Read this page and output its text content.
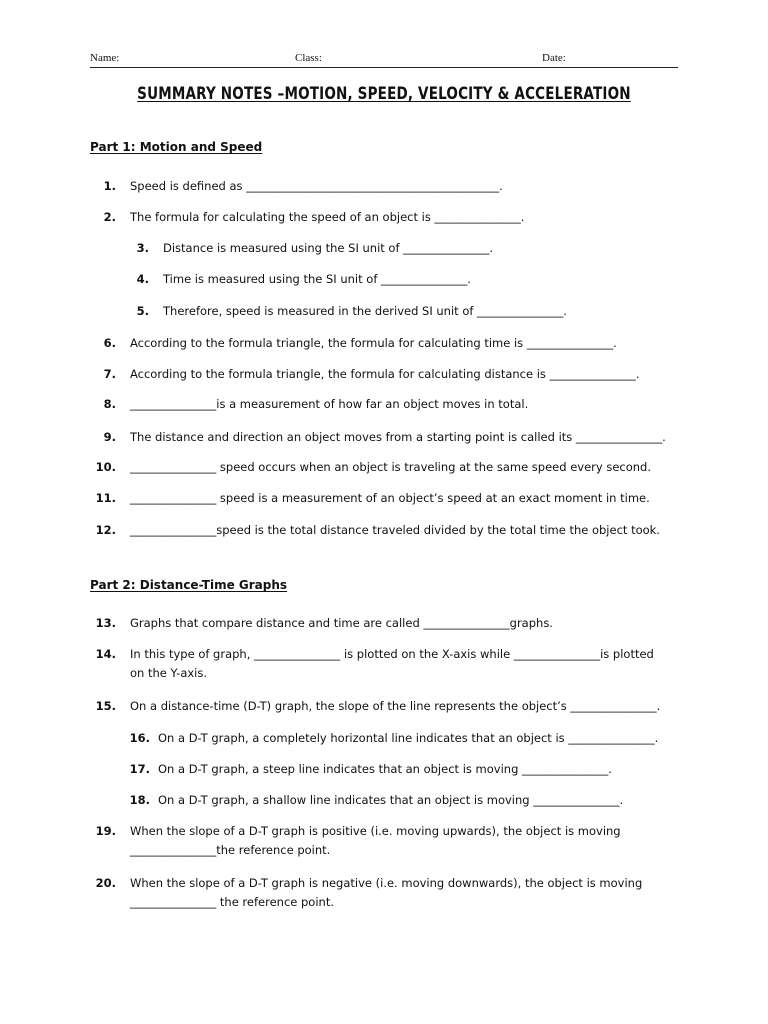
Name:	Class:	Date:
SUMMARY NOTES –MOTION, SPEED, VELOCITY & ACCELERATION
Part 1: Motion and Speed
Part 2: Distance-Time Graphs
1. Speed is defined as ____________________________________________.
2. The formula for calculating the speed of an object is _______________.
3. Distance is measured using the SI unit of _______________.
4. Time is measured using the SI unit of _______________.
5. Therefore, speed is measured in the derived SI unit of _______________.
6. According to the formula triangle, the formula for calculating time is _______________.
7. According to the formula triangle, the formula for calculating distance is _______________.
8. _______________is a measurement of how far an object moves in total.
9. The distance and direction an object moves from a starting point is called its _______________.
10. _______________ speed occurs when an object is traveling at the same speed every second.
11. _______________ speed is a measurement of an object’s speed at an exact moment in time.
12. _______________speed is the total distance traveled divided by the total time the object took.
13. Graphs that compare distance and time are called _______________graphs.
14. In this type of graph, _______________ is plotted on the X-axis while _______________is plotted
on the Y-axis.
15. On a distance-time (D-T) graph, the slope of the line represents the object’s _______________.
16. On a D-T graph, a completely horizontal line indicates that an object is _______________.
17. On a D-T graph, a steep line indicates that an object is moving _______________.
18. On a D-T graph, a shallow line indicates that an object is moving _______________.
19. When the slope of a D-T graph is positive (i.e. moving upwards), the object is moving
_______________the reference point.
20. When the slope of a D-T graph is negative (i.e. moving downwards), the object is moving
_______________ the reference point.
